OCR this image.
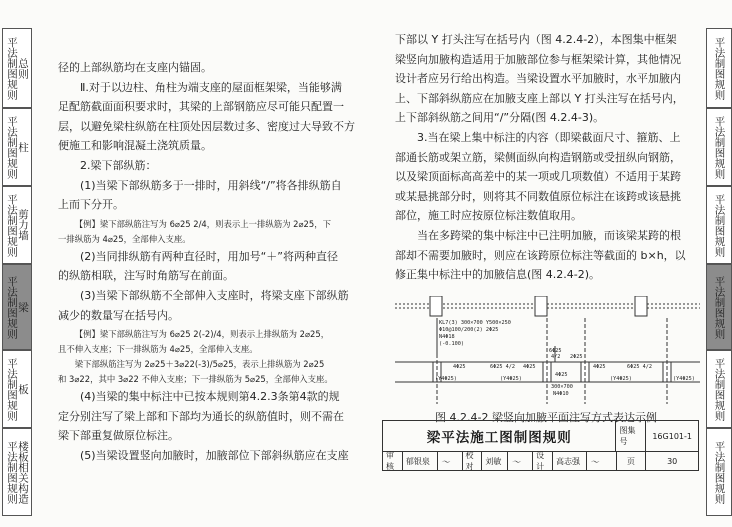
平法制图规则 总则
平法制图规则 柱
平法制图规则 剪力墙
平法制图规则 梁
平法制图规则 板
平法制图规则 楼板相关构造
平法制图规则
平法制图规则
平法制图规则
平法制图规则
平法制图规则
平法制图规则

径的上部纵筋均在支座内锚固。

Ⅱ.对于以边柱、角柱为端支座的屋面框架梁，当能够满

足配筋截面面积要求时，其梁的上部钢筋应尽可能只配置一

层，以避免梁柱纵筋在柱顶处因层数过多、密度过大导致不方

便施工和影响混凝土浇筑质量。

2.梁下部纵筋：

(1)当梁下部纵筋多于一排时，用斜线“/”将各排纵筋自

上而下分开。

【例】梁下部纵筋注写为 6⌀25 2/4，则表示上一排纵筋为 2⌀25，下

一排纵筋为 4⌀25，全部伸入支座。

(2)当同排纵筋有两种直径时，用加号“＋”将两种直径

的纵筋相联，注写时角筋写在前面。

(3)当梁下部纵筋不全部伸入支座时，将梁支座下部纵筋

减少的数量写在括号内。

【例】梁下部纵筋注写为 6⌀25 2(-2)/4，则表示上排纵筋为 2⌀25，

且不伸入支座；下一排纵筋为 4⌀25，全部伸入支座。

梁下部纵筋注写为 2⌀25＋3⌀22(-3)/5⌀25，表示上排纵筋为 2⌀25

和 3⌀22，其中 3⌀22 不伸入支座；下一排纵筋为 5⌀25，全部伸入支座。

(4)当梁的集中标注中已按本规则第4.2.3条第4款的规

定分别注写了梁上部和下部均为通长的纵筋值时，则不需在

梁下部重复做原位标注。

(5)当梁设置竖向加腋时，加腋部位下部斜纵筋应在支座

下部以 Y 打头注写在括号内（图 4.2.4-2），本图集中框架

梁竖向加腋构造适用于加腋部位参与框架梁计算，其他情况

设计者应另行给出构造。当梁设置水平加腋时，水平加腋内

上、下部斜纵筋应在加腋支座上部以 Y 打头注写在括号内，

上下部斜纵筋之间用“/”分隔(图 4.2.4-3)。

3.当在梁上集中标注的内容（即梁截面尺寸、箍筋、上

部通长筋或架立筋，梁侧面纵向构造钢筋或受扭纵向钢筋，

以及梁顶面标高高差中的某一项或几项数值）不适用于某跨

或某悬挑部分时，则将其不同数值原位标注在该跨或该悬挑

部位，施工时应按原位标注数值取用。

当在多跨梁的集中标注中已注明加腋，而该梁某跨的根

部却不需要加腋时，则应在该跨原位标注等截面的 b×h，以

修正集中标注中的加腋信息(图 4.2.4-2)。

KL7(3) 300×700 Y500×250
Φ10@100/200(2) 2Φ25
N4Φ18
(-0.100)
6Φ25
4/2 2Φ25
4Φ25	6Φ25 4/2 4Φ25	4Φ25	6Φ25 4/2
(Y4Φ25)	(Y4Φ25)	(Y4Φ25)	(Y4Φ25)
4Φ25
300×700
N4Φ10
图 4.2.4-2 梁竖向加腋平面注写方式表达示例
梁平法施工图制图规则	图集号
16G101-1
审核
郁银泉	〜
校对
刘敏	〜
设计
高志强	〜	页	30
